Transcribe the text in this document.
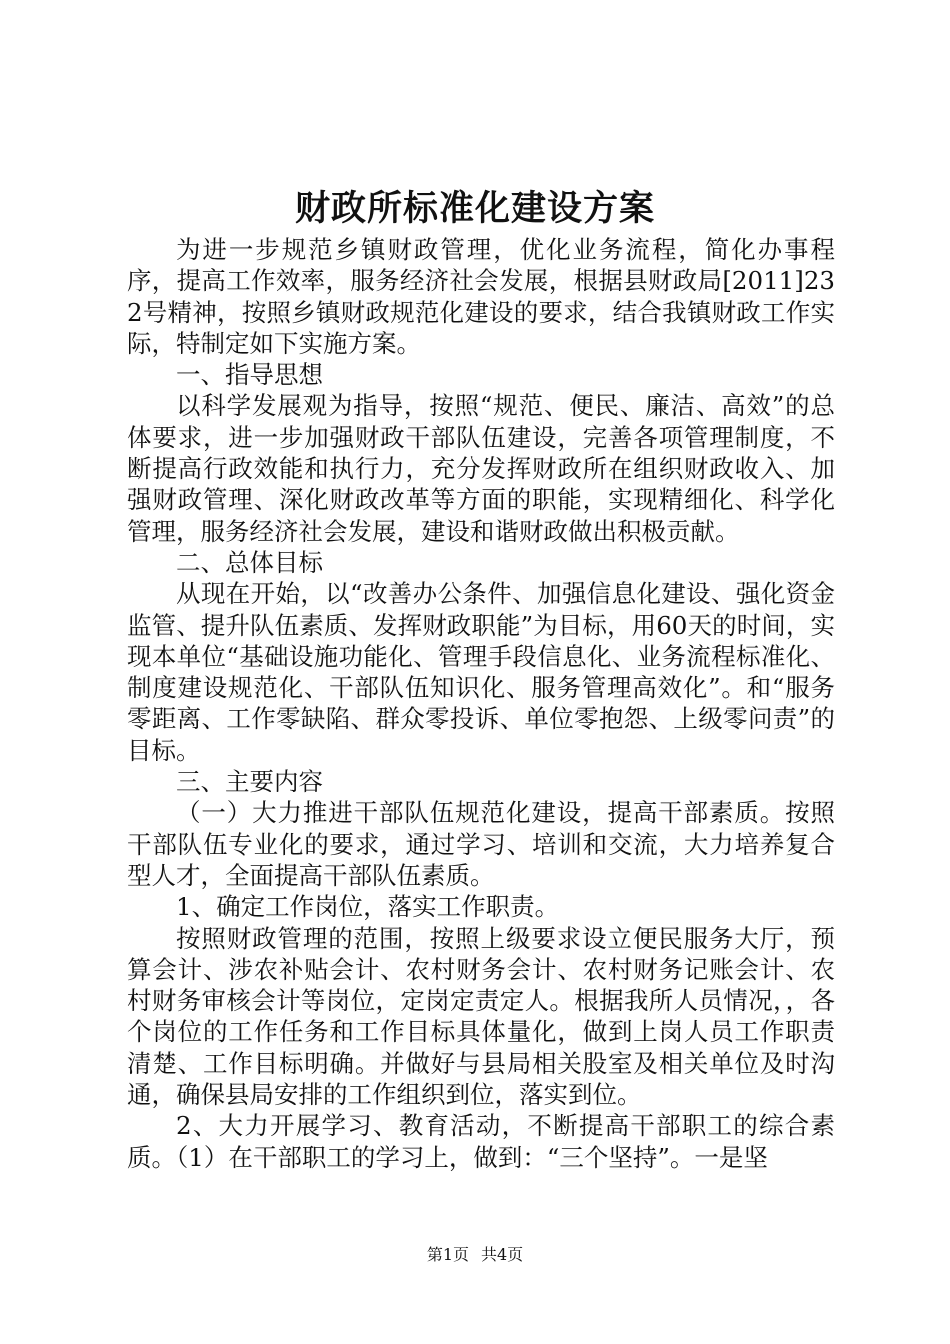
财政所标准化建设方案

为进一步规范乡镇财政管理，优化业务流程，简化办事程序，提高工作效率，服务经济社会发展，根据县财政局[2011]232号精神，按照乡镇财政规范化建设的要求，结合我镇财政工作实际，特制定如下实施方案。

一、指导思想

以科学发展观为指导，按照“规范、便民、廉洁、高效”的总体要求，进一步加强财政干部队伍建设，完善各项管理制度，不断提高行政效能和执行力，充分发挥财政所在组织财政收入、加强财政管理、深化财政改革等方面的职能，实现精细化、科学化管理，服务经济社会发展，建设和谐财政做出积极贡献。

二、总体目标

从现在开始，以“改善办公条件、加强信息化建设、强化资金监管、提升队伍素质、发挥财政职能”为目标，用60天的时间，实现本单位“基础设施功能化、管理手段信息化、业务流程标准化、制度建设规范化、干部队伍知识化、服务管理高效化”。和“服务零距离、工作零缺陷、群众零投诉、单位零抱怨、上级零问责”的目标。

三、主要内容

（一）大力推进干部队伍规范化建设，提高干部素质。按照干部队伍专业化的要求，通过学习、培训和交流，大力培养复合型人才，全面提高干部队伍素质。

1、确定工作岗位，落实工作职责。

按照财政管理的范围，按照上级要求设立便民服务大厅，预算会计、涉农补贴会计、农村财务会计、农村财务记账会计、农村财务审核会计等岗位，定岗定责定人。根据我所人员情况，，各个岗位的工作任务和工作目标具体量化，做到上岗人员工作职责清楚、工作目标明确。并做好与县局相关股室及相关单位及时沟通，确保县局安排的工作组织到位，落实到位。

2、大力开展学习、教育活动，不断提高干部职工的综合素质。（1）在干部职工的学习上，做到：“三个坚持”。一是坚

第1页 共4页
